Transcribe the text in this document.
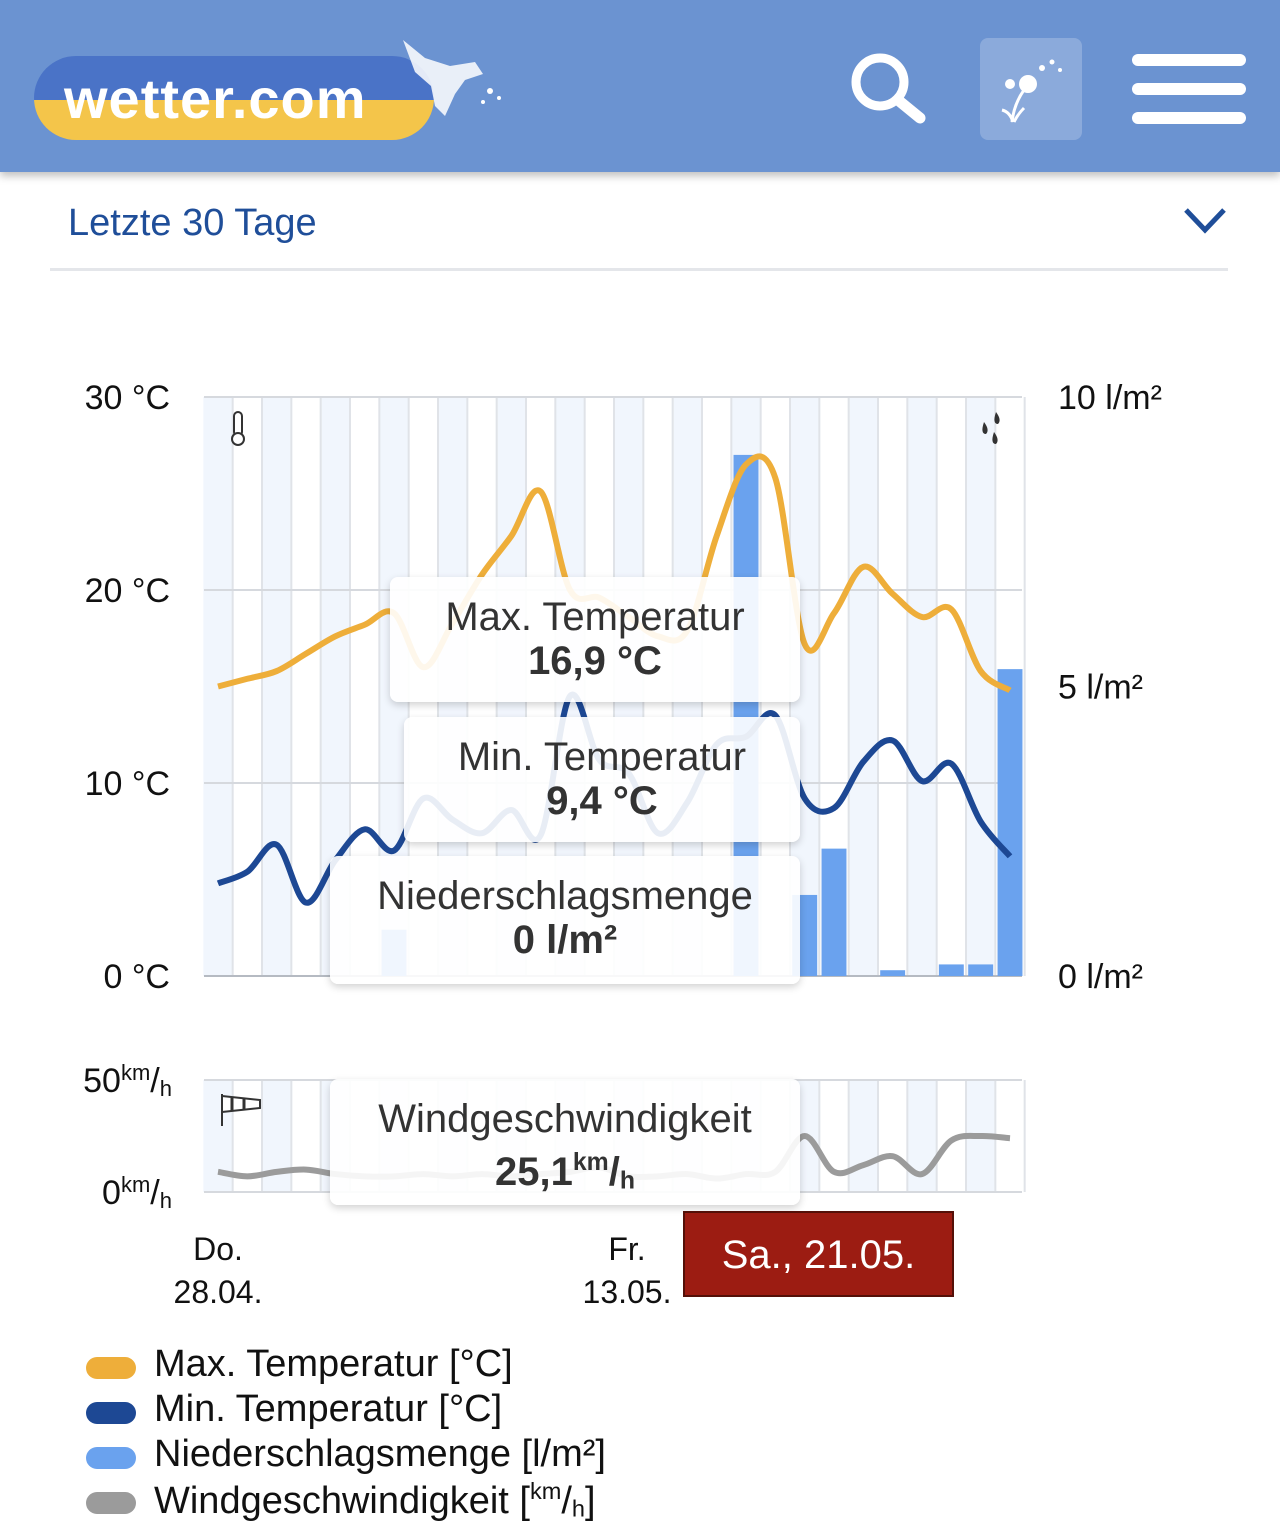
wetter.com
Letzte 30 Tage
30 °C
20 °C
10 °C
0 °C
10 l/m²
5 l/m²
0 l/m²
$50^{km}/h$
$0^{km}/h$
Do.
28.04.
Fr.
13.05.
Max. Temperatur
16,9 °C
Min. Temperatur
9,4 °C
Niederschlagsmenge
0 l/m²
Windgeschwindigkeit
$25,1^{km}/_h$
Sa., 21.05.
Max. Temperatur [°C]
Min. Temperatur [°C]
Niederschlagsmenge [l/m²]
Windgeschwindigkeit $[^{km}/_h]$
